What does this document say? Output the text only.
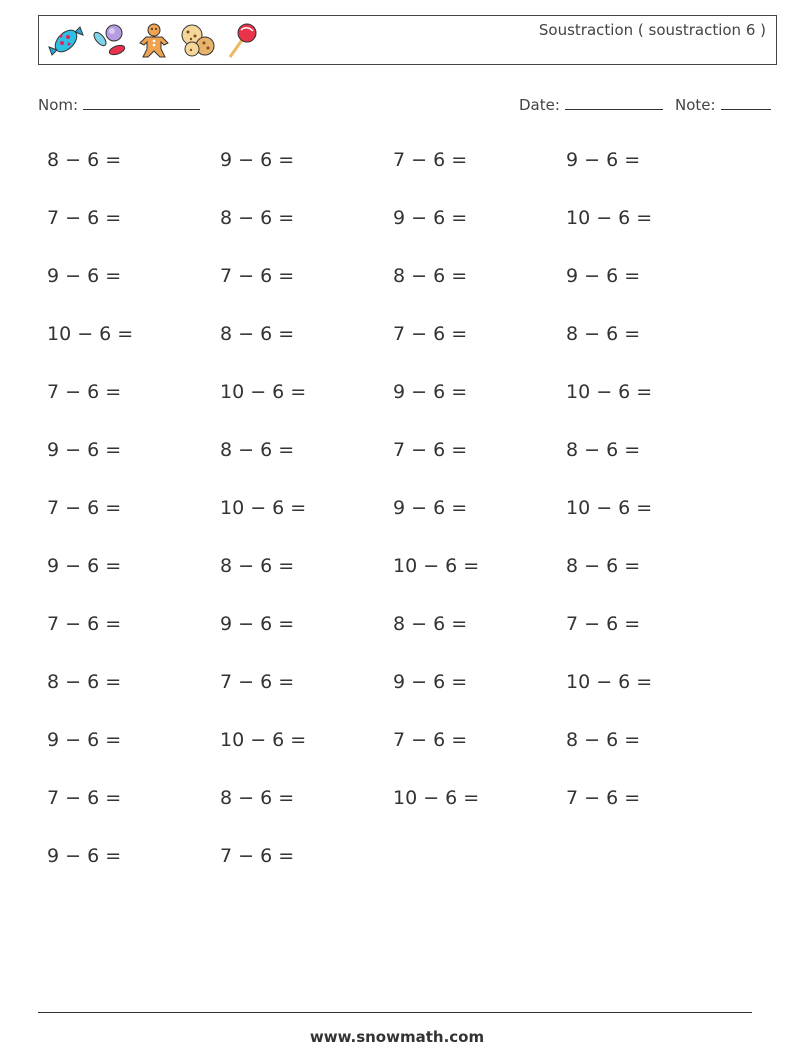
Soustraction ( soustraction 6 )
Nom:	Date:	Note:
8 − 6 =	9 − 6 =	7 − 6 =	9 − 6 =
7 − 6 =	8 − 6 =	9 − 6 =	10 − 6 =
9 − 6 =	7 − 6 =	8 − 6 =	9 − 6 =
10 − 6 =	8 − 6 =	7 − 6 =	8 − 6 =
7 − 6 =	10 − 6 =	9 − 6 =	10 − 6 =
9 − 6 =	8 − 6 =	7 − 6 =	8 − 6 =
7 − 6 =	10 − 6 =	9 − 6 =	10 − 6 =
9 − 6 =	8 − 6 =	10 − 6 =	8 − 6 =
7 − 6 =	9 − 6 =	8 − 6 =	7 − 6 =
8 − 6 =	7 − 6 =	9 − 6 =	10 − 6 =
9 − 6 =	10 − 6 =	7 − 6 =	8 − 6 =
7 − 6 =	8 − 6 =	10 − 6 =	7 − 6 =
9 − 6 =	7 − 6 =
www.snowmath.com
